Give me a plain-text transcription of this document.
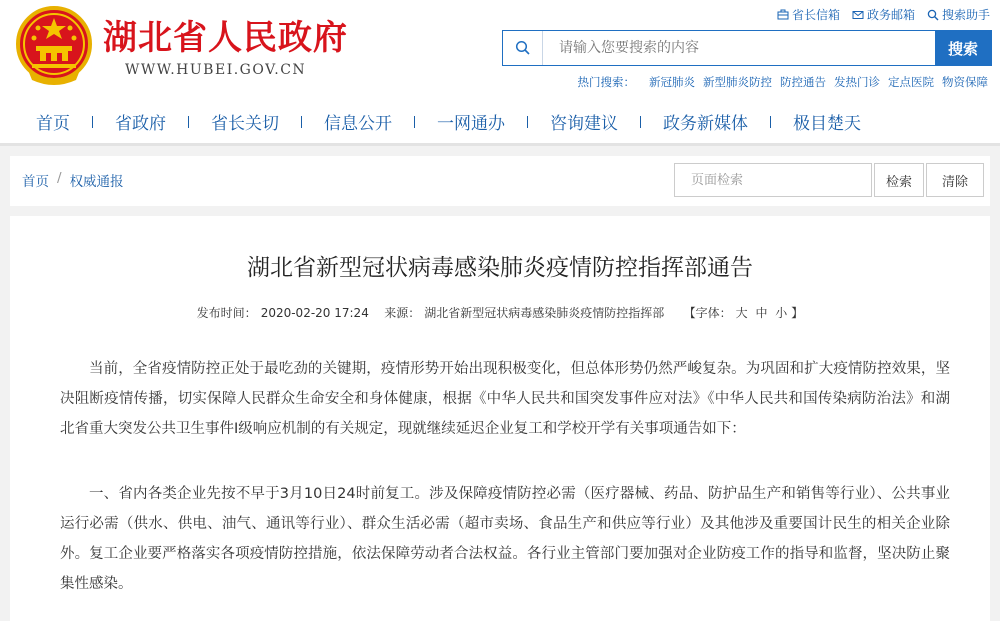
湖北省人民政府
WWW.HUBEI.GOV.CN
省长信箱 政务邮箱 搜索助手
请输入您要搜索的内容
搜索
热门搜索： 新冠肺炎 新型肺炎防控 防控通告 发热门诊 定点医院 物资保障
首页	省政府	省长关切	信息公开	一网通办	咨询建议	政务新媒体	极目楚天
首页 / 权威通报
页面检索	检索	清除
湖北省新型冠状病毒感染肺炎疫情防控指挥部通告
发布时间： 2020-02-20 17:24 来源： 湖北省新型冠状病毒感染肺炎疫情防控指挥部 【字体： 大 中 小 】

当前，全省疫情防控正处于最吃劲的关键期，疫情形势开始出现积极变化，但总体形势仍然严峻复杂。为巩固和扩大疫情防控效果，坚决阻断疫情传播，切实保障人民群众生命安全和身体健康，根据《中华人民共和国突发事件应对法》《中华人民共和国传染病防治法》和湖北省重大突发公共卫生事件I级响应机制的有关规定，现就继续延迟企业复工和学校开学有关事项通告如下：

一、省内各类企业先按不早于3月10日24时前复工。涉及保障疫情防控必需（医疗器械、药品、防护品生产和销售等行业）、公共事业运行必需（供水、供电、油气、通讯等行业）、群众生活必需（超市卖场、食品生产和供应等行业）及其他涉及重要国计民生的相关企业除外。复工企业要严格落实各项疫情防控措施，依法保障劳动者合法权益。各行业主管部门要加强对企业防疫工作的指导和监督，坚决防止聚集性感染。
